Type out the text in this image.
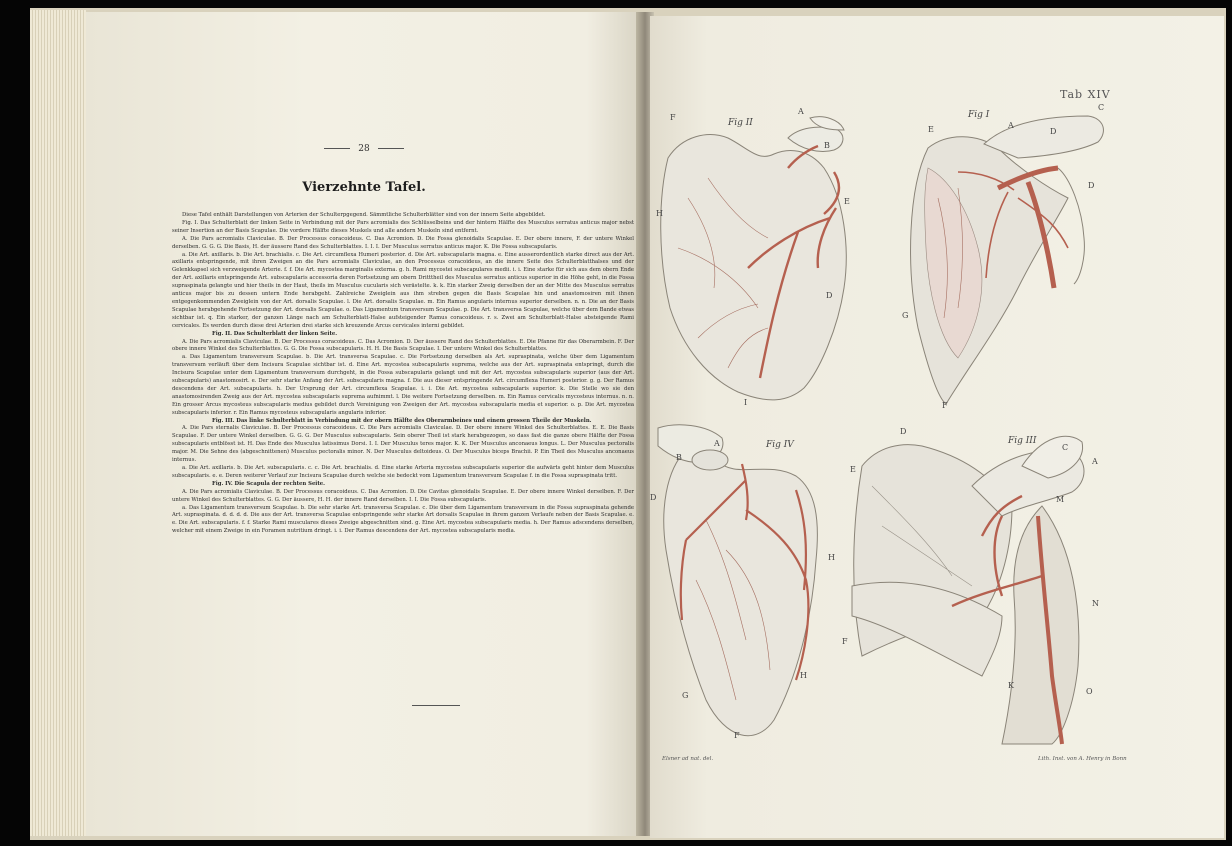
28
Vierzehnte Tafel.

Diese Tafel enthält Darstellungen von Arterien der Schulterpgegend. Sämmtliche Schulterblätter sind von der innern Seite abgebildet.

Fig. I. Das Schulterblatt der linken Seite in Verbindung mit der Pars acromialis des Schlüsselbeins und der hintern Hälfte des Musculus serratus anticus major nebst seiner Insertion an der Basis Scapulae. Die vordere Hälfte dieses Muskels und alle andern Muskeln sind entfernt.

A. Die Pars acromialis Claviculae. B. Der Processus coracoideus. C. Das Acromion. D. Die Fossa glenoidalis Scapulae. E. Der obere innere, F. der untere Winkel derselben. G. G. G. Die Basis, H. der äussere Rand des Schulterblattes. I. I. I. Der Musculus serratus anticus major. K. Die Fossa subscapularis.

a. Die Art. axillaris. b. Die Art. brachialis. c. Die Art. circumflexa Humeri posterior. d. Die Art. subscapularis magna. e. Eine ausserordentlich starke direct aus der Art. axillaris entspringende, mit ihren Zweigen an die Pars acromialis Claviculae, an den Processus coracoideus, an die innere Seite des Schulterblatthalses und der Gelenkkapsel sich verzweigende Arterie. f. f. Die Art. mycostea marginalis externa. g. h. Rami mycostei subscapulares medii. i. i. Eine starke für sich aus dem obern Ende der Art. axillaris entspringende Art. subscapularis accessoria deren Fortsetzung am obern Dritttheil des Musculus serratus anticus superior in die Höhe geht, in die Fossa supraspinata gelangte und hier theils in der Haut, theils im Musculus cucularis sich verästelte. k. k. Ein starker Zweig derselben der an der Mitte des Musculus serratus anticus major bis zu dessen untern Ende herabgeht. Zahlreiche Zweiglein aus ihm streben gegen die Basis Scapulae hin und anastomosiren mit ihnen entgegenkommenden Zweiglein von der Art. dorsalis Scapulae. l. Die Art. dorsalis Scapulae. m. Ein Ramus angularis internus superior derselben. n. n. Die an der Basis Scapulae herabgehende Fortsetzung der Art. dorsalis Scapulae. o. Das Ligamentum transversum Scapulae. p. Die Art. transversa Scapulae, welche über dem Bande etwas sichtbar ist. q. Ein starker, der ganzen Länge nach am Schulterblatt-Halse aufsteigender Ramus coracoideus. r. s. Zwei am Schulterblatt-Halse absteigende Rami cervicales. Es werden durch diese drei Arterien drei starke sich kreuzende Arcus cervicales interni gebildet.

Fig. II. Das Schulterblatt der linken Seite.

A. Die Pars acromialis Claviculae. B. Der Processus coracoideus. C. Das Acromion. D. Der äussere Rand des Schulterblattes. E. Die Pfanne für das Oberarmbein. F. Der obere innere Winkel des Schulterblattes. G. G. Die Fossa subscapularis. H. H. Die Basis Scapulae. I. Der untere Winkel des Schulterblattes.

a. Das Ligamentum transversum Scapulae. b. Die Art. transversa Scapulae. c. Die Fortsetzung derselben als Art. supraspinata, welche über dem Ligamentum transversum verläuft über dem Incisura Scapulae sichtbar ist. d. Eine Art. mycostea subscapularis suprema, welche aus der Art. supraspinata entspringt, durch die Incisura Scapulae unter dem Ligamentum transversum durchgeht, in die Fossa subscapularis gelangt und mit der Art. mycostea subscapularis superior (aus der Art. subscapularis) anastomosirt. e. Der sehr starke Anfang der Art. subscapularis magna. f. Die aus dieser entspringende Art. circumflexa Humeri posterior. g. g. Der Ramus descendens der Art. subscapularis. h. Der Ursprung der Art. circumflexa Scapulae. i. i. Die Art. mycostea subscapularis superior. k. Die Stelle wo sie den anastomosirenden Zweig aus der Art. mycostea subscapularis suprema aufnimmt. l. Die weitere Fortsetzung derselben. m. Ein Ramus cervicalis mycosteus internus. n. n. Ein grosser Arcus mycosteus subscapularis medius gebildet durch Vereinigung von Zweigen der Art. mycostea subscapularis media et superior. o. p. Die Art. mycostea subscapularis inferior. r. Ein Ramus mycosteus subscapularis angularis inferior.

Fig. III. Das linke Schulterblatt in Verbindung mit der obern Hälfte des Oberarmbeines und einem grossen Theile der Muskeln.

A. Die Pars sternalis Claviculae. B. Der Processus coracoideus. C. Die Pars acromialis Claviculae. D. Der obere innere Winkel des Schulterblattes. E. E. Die Basis Scapulae. F. Der untere Winkel derselben. G. G. G. Der Musculus subscapularis. Sein oberer Theil ist stark herabgezogen, so dass fast die ganze obere Hälfte der Fossa subscapularis entblösst ist. H. Das Ende des Musculus latissimus Dorsi. I. I. Der Musculus teres major. K. K. Der Musculus anconaeus longus. L. Der Musculus pectoralis major. M. Die Sehne des (abgeschnittenen) Musculus pectoralis minor. N. Der Musculus deltoideus. O. Der Musculus biceps Brachii. P. Ein Theil des Musculus anconaeus internus.

a. Die Art. axillaris. b. Die Art. subscapularis. c. c. Die Art. brachialis. d. Eine starke Arteria mycostea subscapularis superior die aufwärts geht hinter dem Musculus subscapularis. e. e. Deren weiterer Verlauf zur Incisura Scapulae durch welche sie bedeckt vom Ligamentum transversum Scapulae f. in die Fossa supraspinata tritt.

Fig. IV. Die Scapula der rechten Seite.

A. Die Pars acromialis Claviculae. B. Der Processus coracoideus. C. Das Acromion. D. Die Cavitas glenoidalis Scapulae. E. Der obere innere Winkel derselben. F. Der untere Winkel des Schulterblattes. G. G. Der äussere, H. H. der innere Rand derselben. I. I. Die Fossa subscapularis.

a. Das Ligamentum transversum Scapulae. b. Die sehr starke Art. transversa Scapulae. c. Die über dem Ligamentum transversum in die Fossa supraspinata gehende Art. supraspinata. d. d. d. d. Die aus der Art. transversa Scapulae entspringende sehr starke Art dorsalis Scapulae in ihrem ganzen Verlaufe neben der Basis Scapulae. e. e. Die Art. subscapularis. f. f. Starke Rami musculares dieses Zweige abgeschnitten sind. g. Eine Art. mycostea subscapularis media. h. Der Ramus adscendens derselben, welcher mit einem Zweige in ein Foramen nutritium dringt. i. i. Der Ramus descendens der Art. mycostea subscapularis media.

Tab XIV
F
A
H
E
D
I
B
Fig II
E	A
D
C
D
G
F
Fig I
A
B
D
H
G
F
H
Fig IV
D
E
C
A
F
M
K
N
O
Fig III
Elsner ad nat. del.	Lith. Inst. von A. Henry in Bonn
